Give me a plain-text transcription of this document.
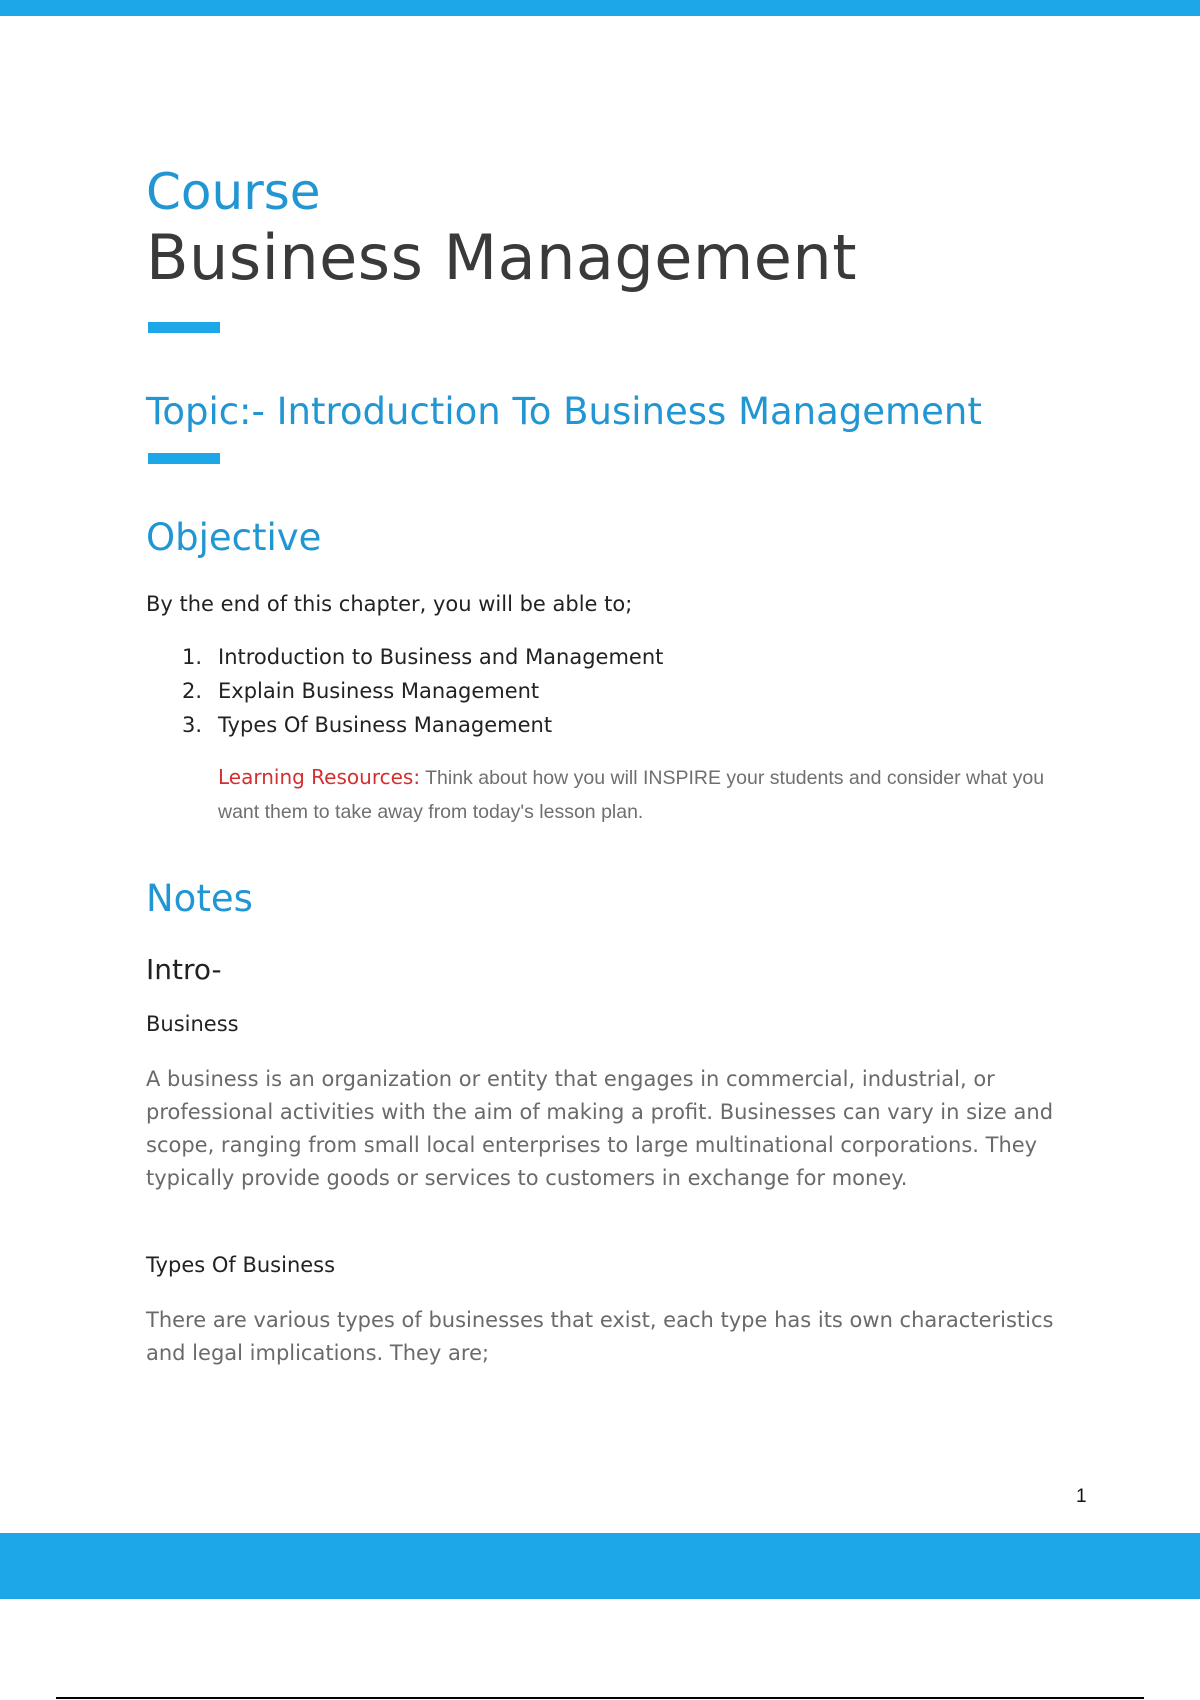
Course
Business Management
Topic:- Introduction To Business Management
Objective
By the end of this chapter, you will be able to;
1. Introduction to Business and Management
2. Explain Business Management
3. Types Of Business Management
Learning Resources: Think about how you will INSPIRE your students and consider what you want them to take away from today's lesson plan.
Notes
Intro-
Business
A business is an organization or entity that engages in commercial, industrial, or professional activities with the aim of making a profit. Businesses can vary in size and scope, ranging from small local enterprises to large multinational corporations. They typically provide goods or services to customers in exchange for money.
Types Of Business
There are various types of businesses that exist, each type has its own characteristics and legal implications. They are;
1
